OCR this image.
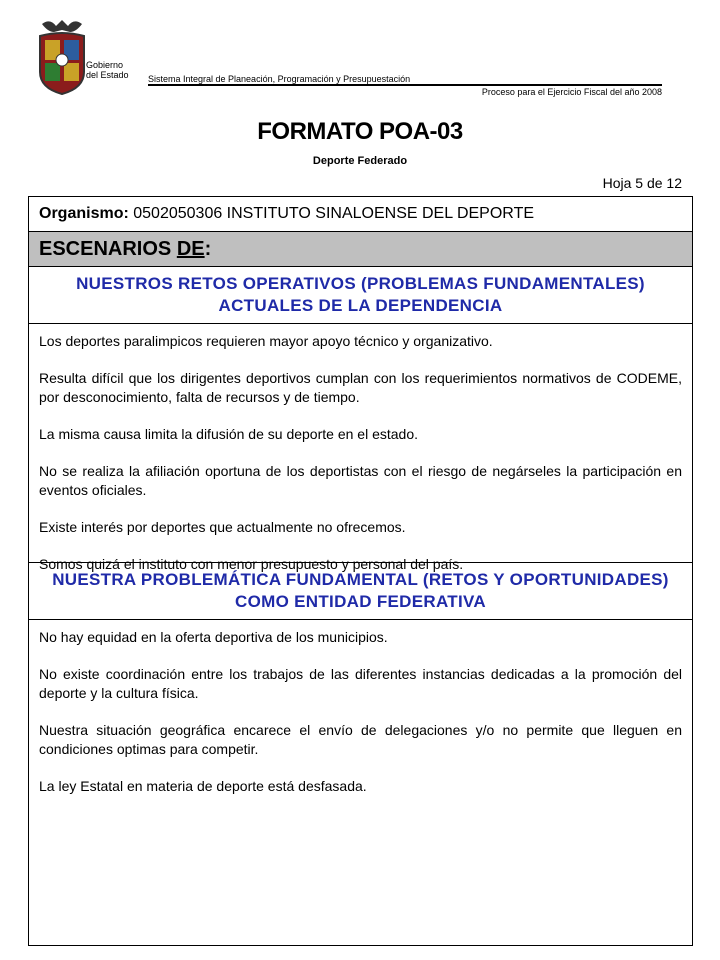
Gobierno
del Estado Sistema Integral de Planeación, Programación y Presupuestación
Proceso para el Ejercicio Fiscal del año 2008
FORMATO POA-03
Deporte Federado
Hoja 5 de 12
Organismo: 0502050306 INSTITUTO SINALOENSE DEL DEPORTE
ESCENARIOS DE:
NUESTROS RETOS OPERATIVOS (PROBLEMAS FUNDAMENTALES) ACTUALES DE LA DEPENDENCIA

Los deportes paralimpicos requieren mayor apoyo técnico y organizativo.

Resulta difícil que los dirigentes deportivos cumplan con los requerimientos normativos de CODEME, por desconocimiento, falta de recursos y de tiempo.

La misma causa limita la difusión de su deporte en el estado.

No se realiza la afiliación oportuna de los deportistas con el riesgo de negárseles la participación en eventos oficiales.

Existe interés por deportes que actualmente no ofrecemos.

Somos quizá el instituto con menor presupuesto y personal del país.

NUESTRA PROBLEMÁTICA FUNDAMENTAL (RETOS Y OPORTUNIDADES) COMO ENTIDAD FEDERATIVA

No hay equidad en la oferta deportiva de los municipios.

No existe coordinación entre los trabajos de las diferentes instancias dedicadas a la promoción del deporte y la cultura física.

Nuestra situación geográfica encarece el envío de delegaciones y/o no permite que lleguen en condiciones optimas para competir.

La ley Estatal en materia de deporte está desfasada.
